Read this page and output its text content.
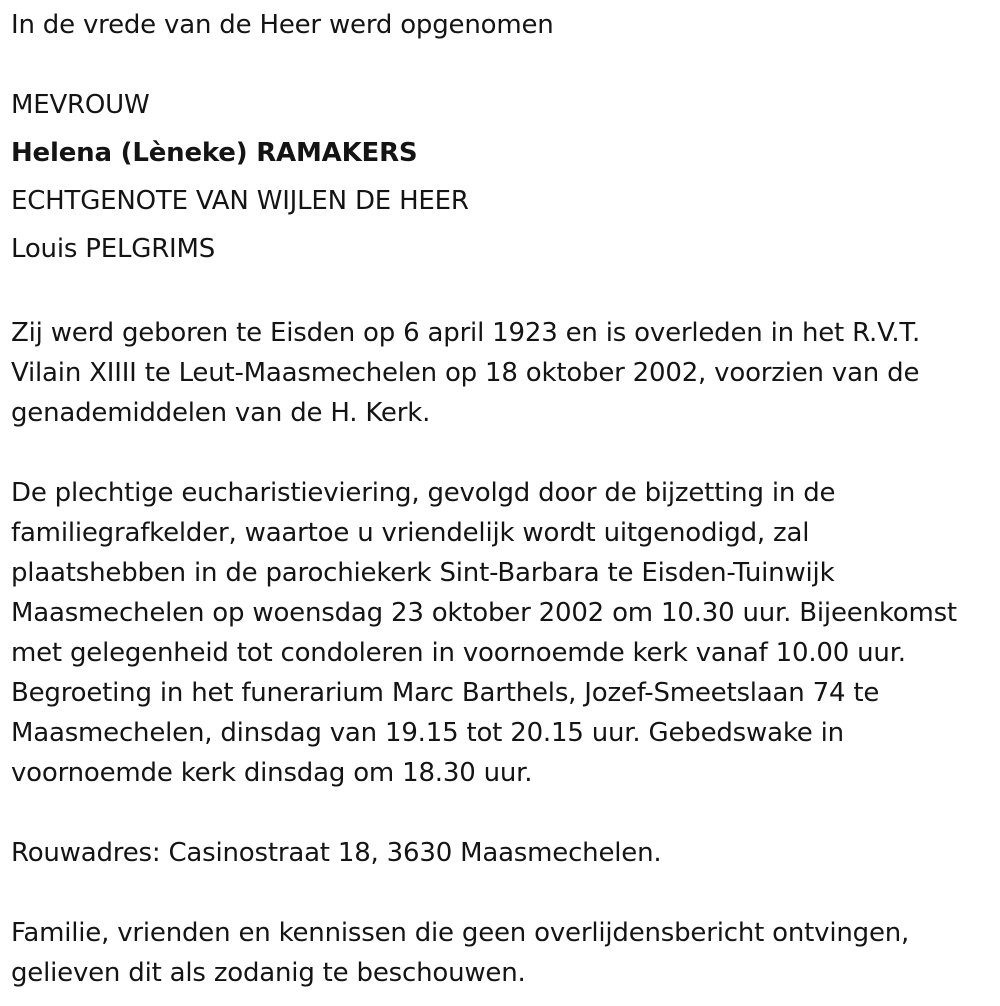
In de vrede van de Heer werd opgenomen
MEVROUW
Helena (Lèneke) RAMAKERS
ECHTGENOTE VAN WIJLEN DE HEER
Louis PELGRIMS
Zij werd geboren te Eisden op 6 april 1923 en is overleden in het R.V.T.
Vilain XIIII te Leut-Maasmechelen op 18 oktober 2002, voorzien van de
genademiddelen van de H. Kerk.
De plechtige eucharistieviering, gevolgd door de bijzetting in de
familiegrafkelder, waartoe u vriendelijk wordt uitgenodigd, zal
plaatshebben in de parochiekerk Sint-Barbara te Eisden-Tuinwijk
Maasmechelen op woensdag 23 oktober 2002 om 10.30 uur. Bijeenkomst
met gelegenheid tot condoleren in voornoemde kerk vanaf 10.00 uur.
Begroeting in het funerarium Marc Barthels, Jozef-Smeetslaan 74 te
Maasmechelen, dinsdag van 19.15 tot 20.15 uur. Gebedswake in
voornoemde kerk dinsdag om 18.30 uur.
Rouwadres: Casinostraat 18, 3630 Maasmechelen.
Familie, vrienden en kennissen die geen overlijdensbericht ontvingen,
gelieven dit als zodanig te beschouwen.
